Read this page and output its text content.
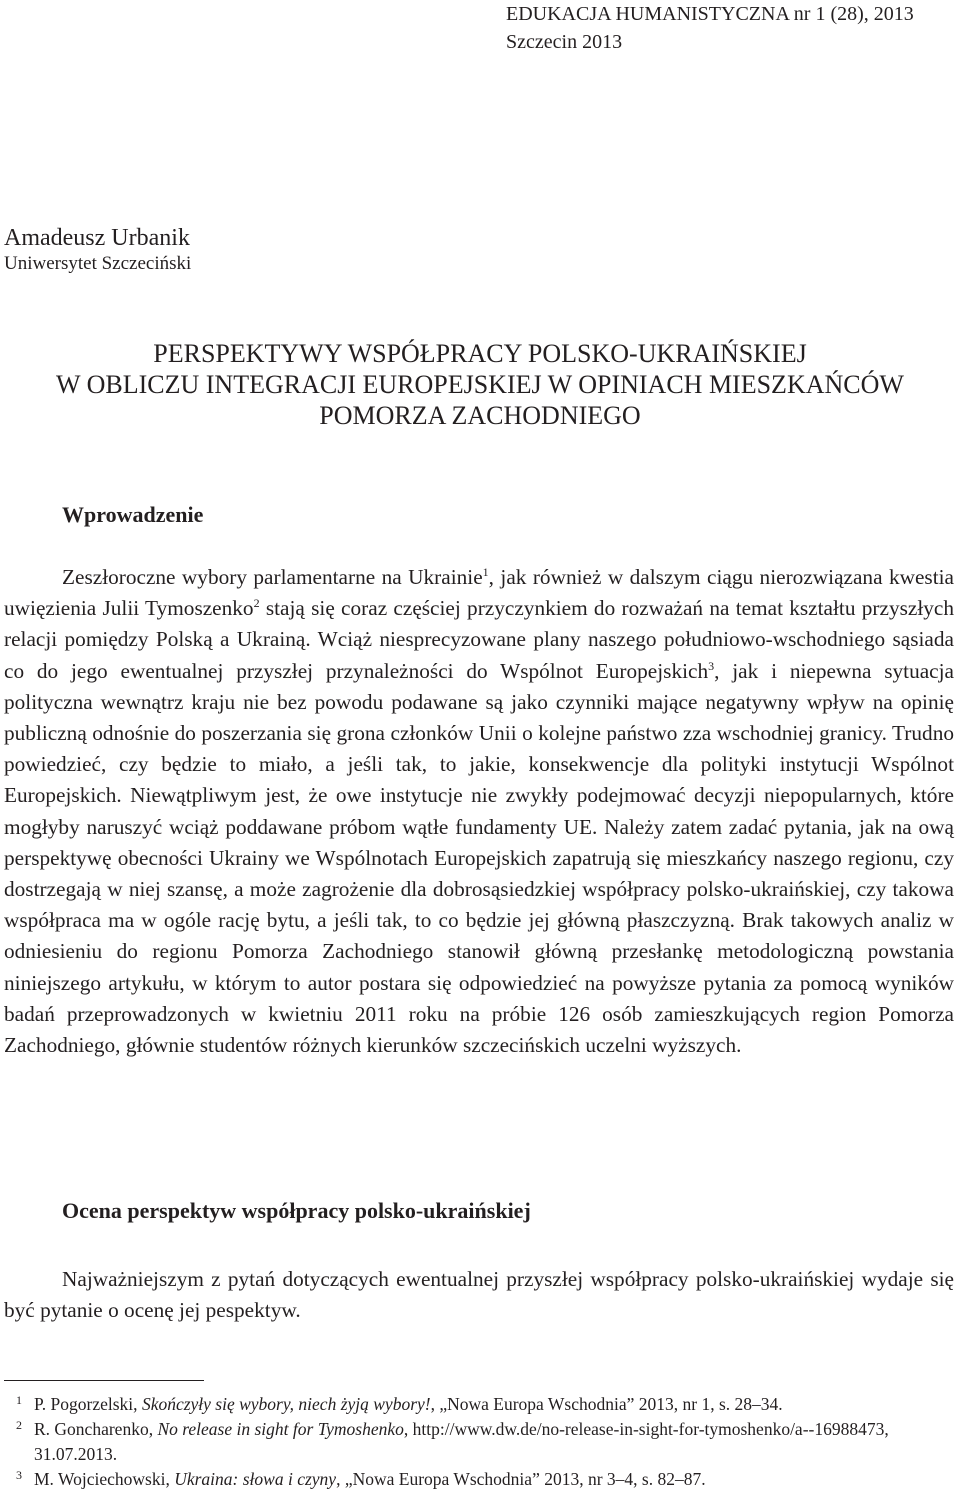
EDUKACJA HUMANISTYCZNA nr 1 (28), 2013
Szczecin 2013
Amadeusz Urbanik
Uniwersytet Szczeciński
PERSPEKTYWY WSPÓŁPRACY POLSKO-UKRAIŃSKIEJ
W OBLICZU INTEGRACJI EUROPEJSKIEJ W OPINIACH MIESZKAŃCÓW
POMORZA ZACHODNIEGO
Wprowadzenie

Zeszłoroczne wybory parlamentarne na Ukrainie$^1$, jak również w dalszym ciągu nierozwiązana kwestia uwięzienia Julii Tymoszenko$^2$ stają się coraz częściej przyczynkiem do rozważań na temat kształtu przyszłych relacji pomiędzy Polską a Ukrainą. Wciąż niesprecyzowane plany naszego południowo-wschodniego sąsiada co do jego ewentualnej przyszłej przynależności do Wspólnot Europejskich$^3$, jak i niepewna sytuacja polityczna wewnątrz kraju nie bez powodu podawane są jako czynniki mające negatywny wpływ na opinię publiczną odnośnie do poszerzania się grona członków Unii o kolejne państwo zza wschodniej granicy. Trudno powiedzieć, czy będzie to miało, a jeśli tak, to jakie, konsekwencje dla polityki instytucji Wspólnot Europejskich. Niewątpliwym jest, że owe instytucje nie zwykły podejmować decyzji niepopularnych, które mogłyby naruszyć wciąż poddawane próbom wątłe fundamenty UE. Należy zatem zadać pytania, jak na ową perspektywę obecności Ukrainy we Wspólnotach Europejskich zapatrują się mieszkańcy naszego regionu, czy dostrzegają w niej szansę, a może zagrożenie dla dobrosąsiedzkiej współpracy polsko-ukraińskiej, czy takowa współpraca ma w ogóle rację bytu, a jeśli tak, to co będzie jej główną płaszczyzną. Brak takowych analiz w odniesieniu do regionu Pomorza Zachodniego stanowił główną przesłankę metodologiczną powstania niniejszego artykułu, w którym to autor postara się odpowiedzieć na powyższe pytania za pomocą wyników badań przeprowadzonych w kwietniu 2011 roku na próbie 126 osób zamieszkujących region Pomorza Zachodniego, głównie studentów różnych kierunków szczecińskich uczelni wyższych.

Ocena perspektyw współpracy polsko-ukraińskiej

Najważniejszym z pytań dotyczących ewentualnej przyszłej współpracy polsko-ukraińskiej wydaje się być pytanie o ocenę jej pespektyw.

1 P. Pogorzelski, Skończyły się wybory, niech żyją wybory!, „Nowa Europa Wschodnia” 2013, nr 1, s. 28–34.
2 R. Goncharenko, No release in sight for Tymoshenko, http://www.dw.de/no-release-in-sight-for-tymoshenko/a--16988473, 31.07.2013.
3 M. Wojciechowski, Ukraina: słowa i czyny, „Nowa Europa Wschodnia” 2013, nr 3–4, s. 82–87.
